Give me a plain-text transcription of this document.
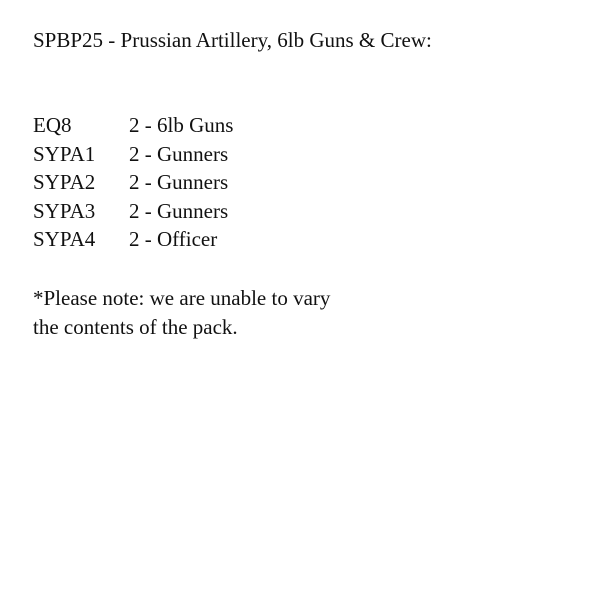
SPBP25 - Prussian Artillery, 6lb Guns & Crew:
EQ8	2 - 6lb Guns
SYPA1	2 - Gunners
SYPA2	2 - Gunners
SYPA3	2 - Gunners
SYPA4	2 - Officer

*Please note: we are unable to vary
the contents of the pack.
